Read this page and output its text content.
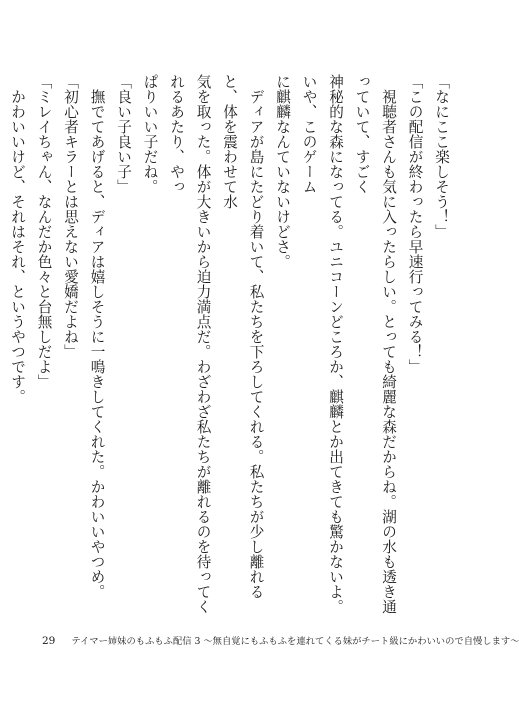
「なにここ楽しそう！」

「この配信が終わったら早速行ってみる！」

　視聴者さんも気に入ったらしい。とっても綺麗な森だからね。湖の水も透き通っていて、すごく

神秘的な森になってる。ユニコーンどころか、麒麟とか出てきても驚かないよ。いや、このゲーム

に麒麟なんていないけどさ。

　ディアが島にたどり着いて、私たちを下ろしてくれる。私たちが少し離れると、体を震わせて水

気を取った。体が大きいから迫力満点だ。わざわざ私たちが離れるのを待ってくれるあたり、やっ

ぱりいい子だね。

「良い子良い子」

　撫でてあげると、ディアは嬉しそうに一鳴きしてくれた。かわいいやつめ。

「初心者キラーとは思えない愛嬌だよね」

「ミレイちゃん、なんだか色々と台無しだよ」

　かわいいけど、それはそれ、というやつです。

29 テイマー姉妹のもふもふ配信 3 〜無自覚にもふもふを連れてくる妹がチート級にかわいいので自慢します〜
